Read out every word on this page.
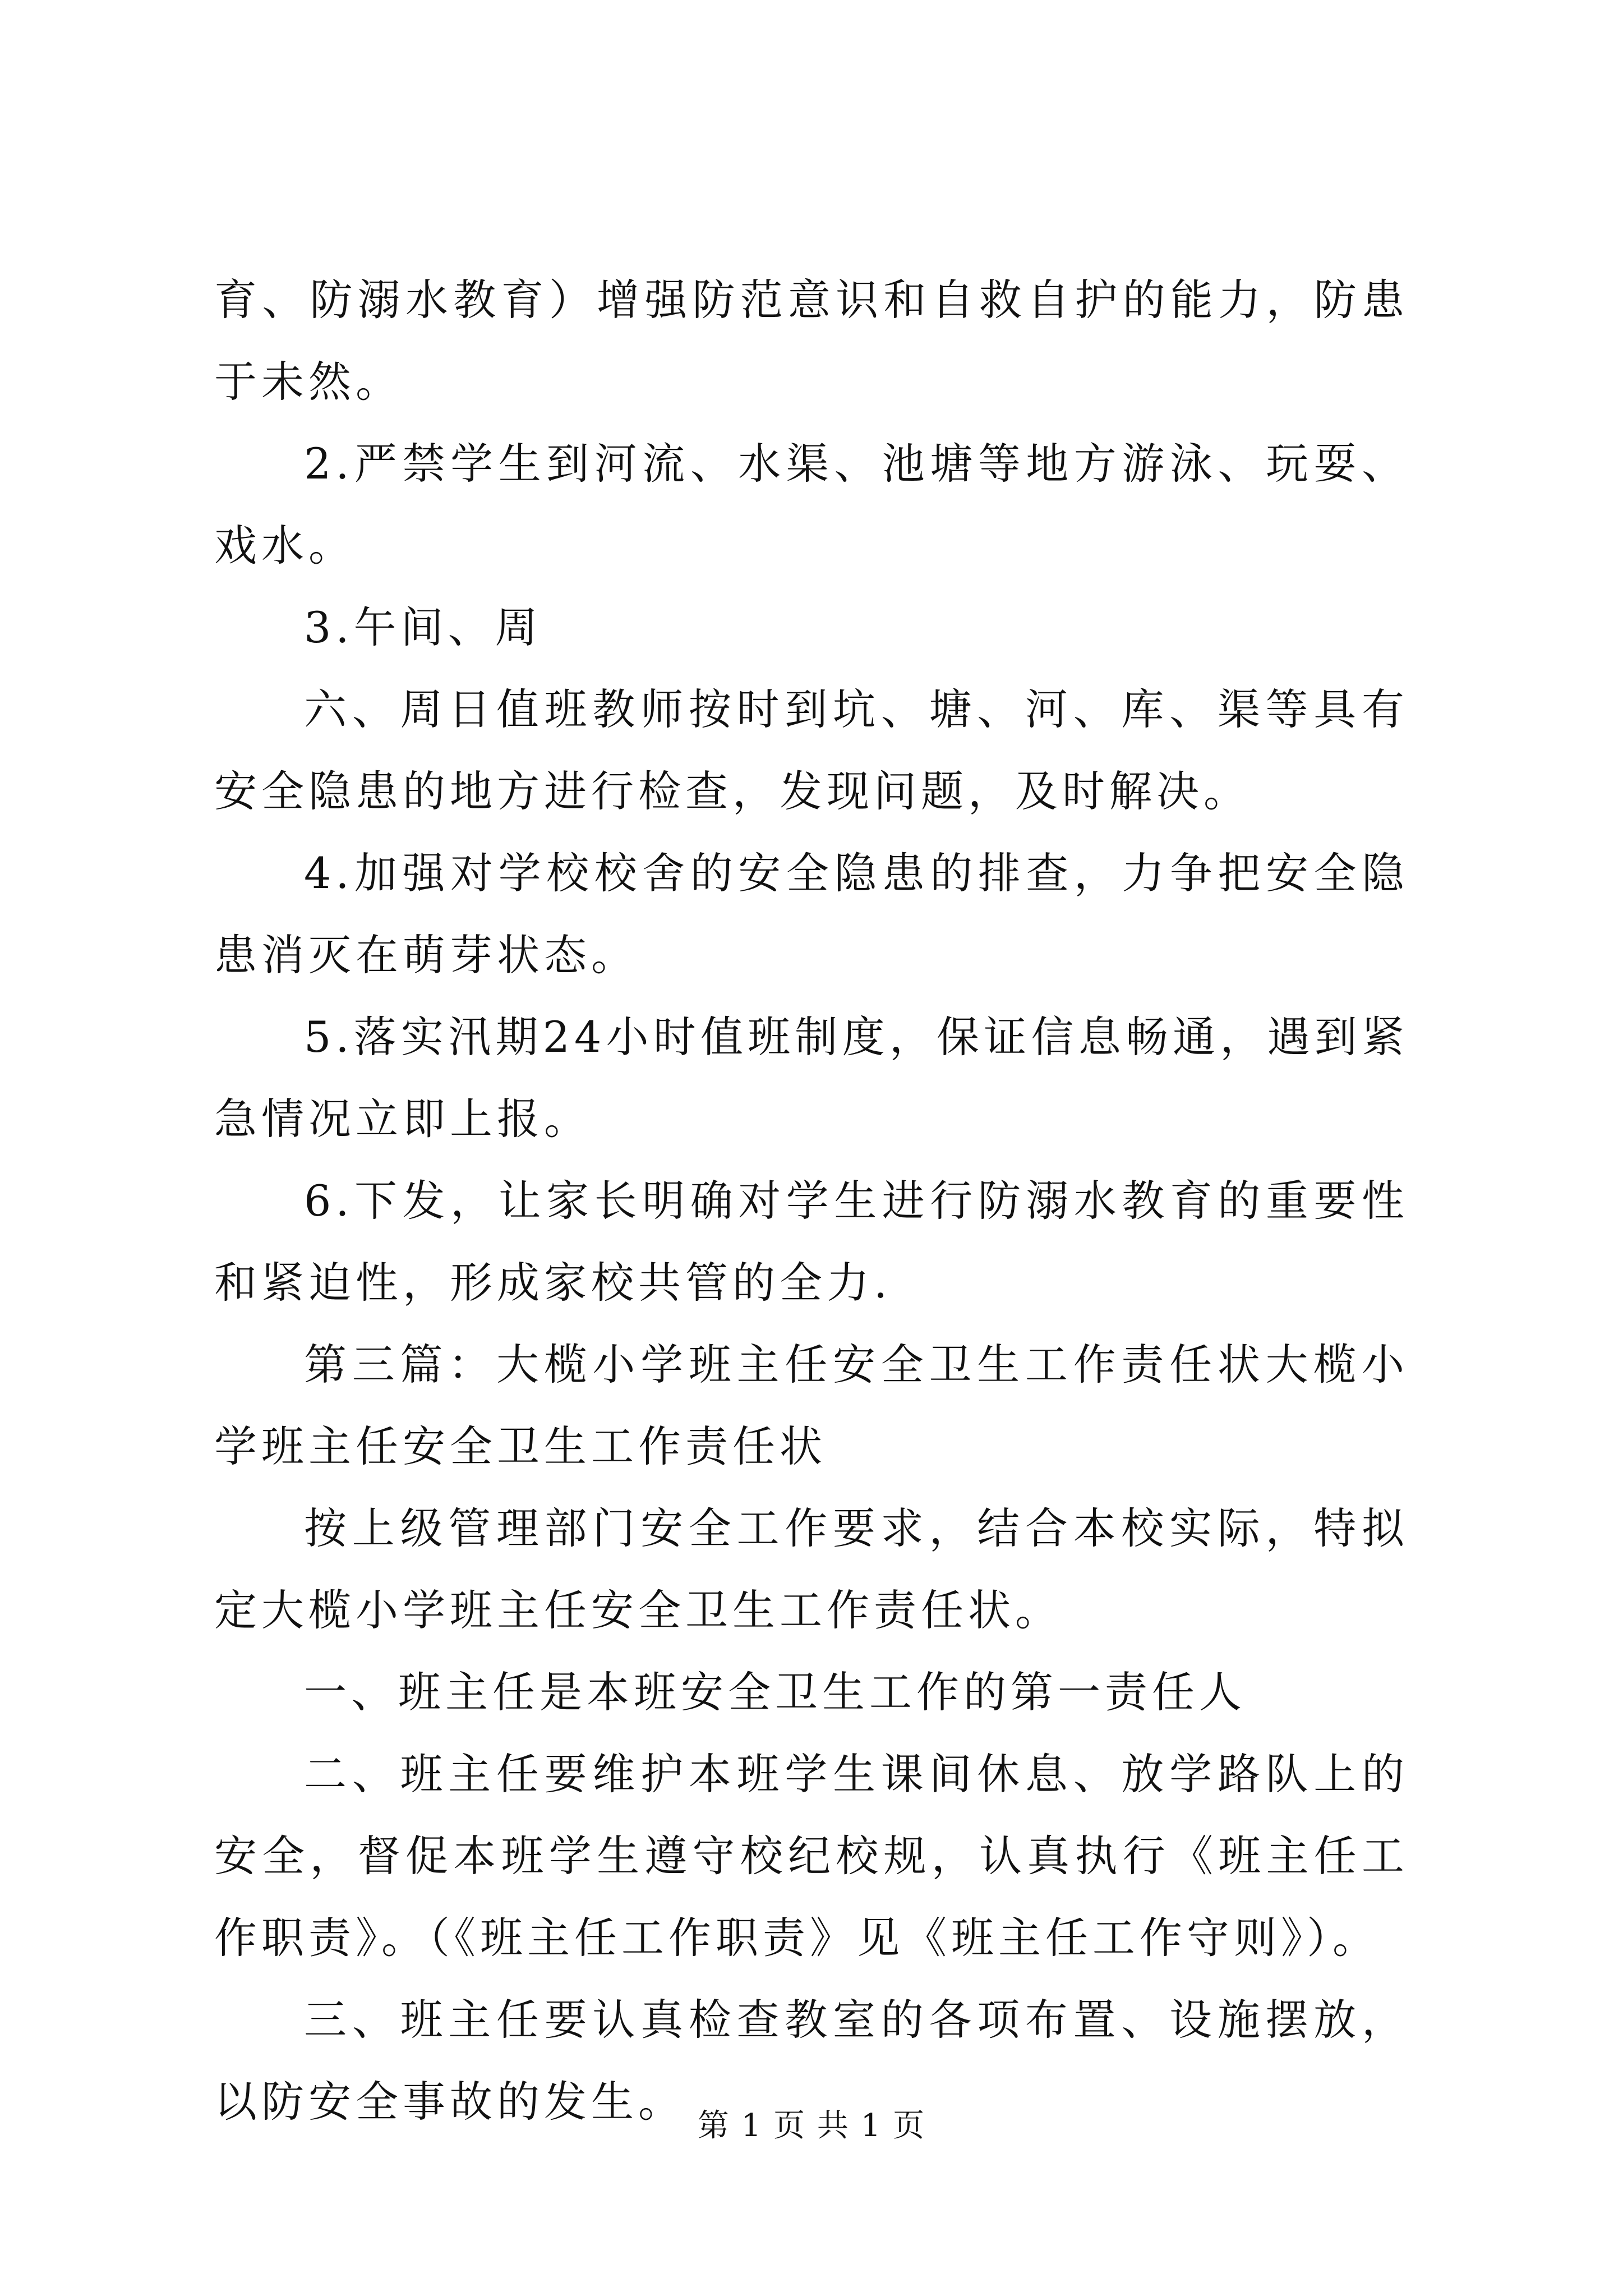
育、防溺水教育）增强防范意识和自救自护的能力，防患于未然。

2.严禁学生到河流、水渠、池塘等地方游泳、玩耍、戏水。

3.午间、周

六、周日值班教师按时到坑、塘、河、库、渠等具有安全隐患的地方进行检查，发现问题，及时解决。

4.加强对学校校舍的安全隐患的排查，力争把安全隐患消灭在萌芽状态。

5.落实汛期24小时值班制度，保证信息畅通，遇到紧急情况立即上报。

6.下发，让家长明确对学生进行防溺水教育的重要性和紧迫性，形成家校共管的全力.

第三篇：大榄小学班主任安全卫生工作责任状大榄小学班主任安全卫生工作责任状

按上级管理部门安全工作要求，结合本校实际，特拟定大榄小学班主任安全卫生工作责任状。

一、班主任是本班安全卫生工作的第一责任人

二、班主任要维护本班学生课间休息、放学路队上的安全，督促本班学生遵守校纪校规，认真执行《班主任工作职责》。（《班主任工作职责》见《班主任工作守则》）。

三、班主任要认真检查教室的各项布置、设施摆放，以防安全事故的发生。 第 1 页 共 1 页
